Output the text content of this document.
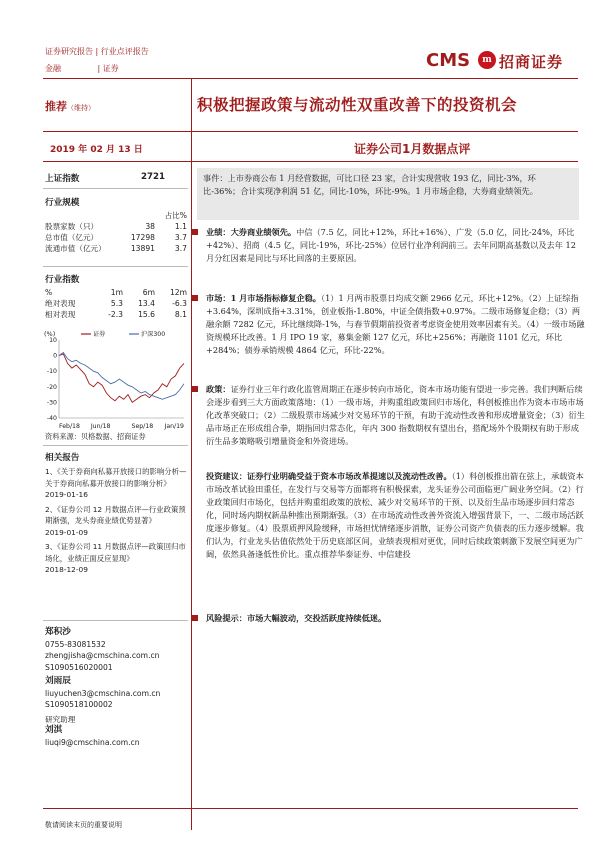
证券研究报告 | 行业点评报告
金融	| 证券	CMS	m 招商证券
推荐（维持）	积极把握政策与流动性双重改善下的投资机会
2019 年 02 月 13 日	证券公司1月数据点评
上证指数	2721
行业规模
占比%
股票家数（只）	38	1.1
总市值（亿元）	17298	3.7
流通市值（亿元）	13891	3.7
行业指数
%	1m	6m	12m
绝对表现	5.3	13.4	-6.3
相对表现	-2.3	15.6	8.1
(%)
10
0
-10
-20
-30
-40
Feb/18 Jun/18	Sep/18 Jan/19
证券	沪深300
资料来源：贝格数据、招商证券
相关报告
1、《关于券商向私募开放接口的影响分析—关于券商向私募开放接口的影响分析》
2019-01-16
2、《证券公司 12 月数据点评—行业政策预期渐强，龙头券商业绩优势显著》
2019-01-09
3、《证券公司 11 月数据点评—政策回归市场化，业绩正面反应显现》
2018-12-09
郑积沙
0755-83081532
zhengjisha@cmschina.com.cn
S1090516020001
刘雨辰
liuyuchen3@cmschina.com.cn
S1090518100002
研究助理
刘淇
liuqi9@cmschina.com.cn
事件：上市券商公布 1 月经营数据，可比口径 23 家，合计实现营收 193 亿，同比-3%，环比-36%；合计实现净利润 51 亿，同比-10%，环比-9%。1 月市场企稳，大券商业绩领先。
业绩：大券商业绩领先。中信（7.5 亿，同比+12%，环比+16%）、广发（5.0 亿，同比-24%，环比+42%）、招商（4.5 亿，同比-19%，环比-25%）位居行业净利润前三。去年同期高基数以及去年 12 月分红因素是同比与环比回落的主要原因。
市场：1 月市场指标修复企稳。（1）1 月两市股票日均成交额 2966 亿元，环比+12%。（2）上证综指+3.64%，深圳成指+3.31%，创业板指-1.80%，中证全债指数+0.97%。二级市场修复企稳；（3）两融余额 7282 亿元，环比继续降-1%，与春节假期前投资者考虑资金使用效率因素有关。（4）一级市场融资规模环比改善。1 月 IPO 19 家，募集金额 127 亿元，环比+256%；再融资 1101 亿元，环比+284%；债券承销规模 4864 亿元，环比-22%。
政策：证券行业三年行政化监管周期正在逐步转向市场化，资本市场功能有望进一步完善。我们判断后续会逐步看到三大方面政策落地：（1）一级市场，并购重组政策回归市场化，科创板推出作为资本市场市场化改革突破口；（2）二级股票市场减少对交易环节的干预，有助于流动性改善和形成增量资金；（3）衍生品市场正在形成组合拳，期指回归常态化，年内 300 指数期权有望出台，搭配场外个股期权有助于形成衍生品多策略吸引增量资金和外资进场。
投资建议：证券行业明确受益于资本市场改革提速以及流动性改善。（1）科创板推出箭在弦上，承载资本市场改革试验田重任，在发行与交易等方面都将有积极探索，龙头证券公司面临更广阔业务空间。（2）行业政策回归市场化，包括并购重组政策的放松、减少对交易环节的干预、以及衍生品市场逐步回归常态化，同时场内期权新品种推出预期渐强。（3）在市场流动性改善外资流入增强背景下，一、二级市场活跃度逐步修复。（4）股票质押风险缓释，市场担忧情绪逐步消散，证券公司资产负债表的压力逐步缓解。我们认为，行业龙头估值依然处于历史底部区间，业绩表现相对更优，同时后续政策刺激下发展空间更为广阔，依然具备逢低性价比。重点推荐华泰证券、中信建投
风险提示：市场大幅波动，交投活跃度持续低迷。
敬请阅读末页的重要说明
